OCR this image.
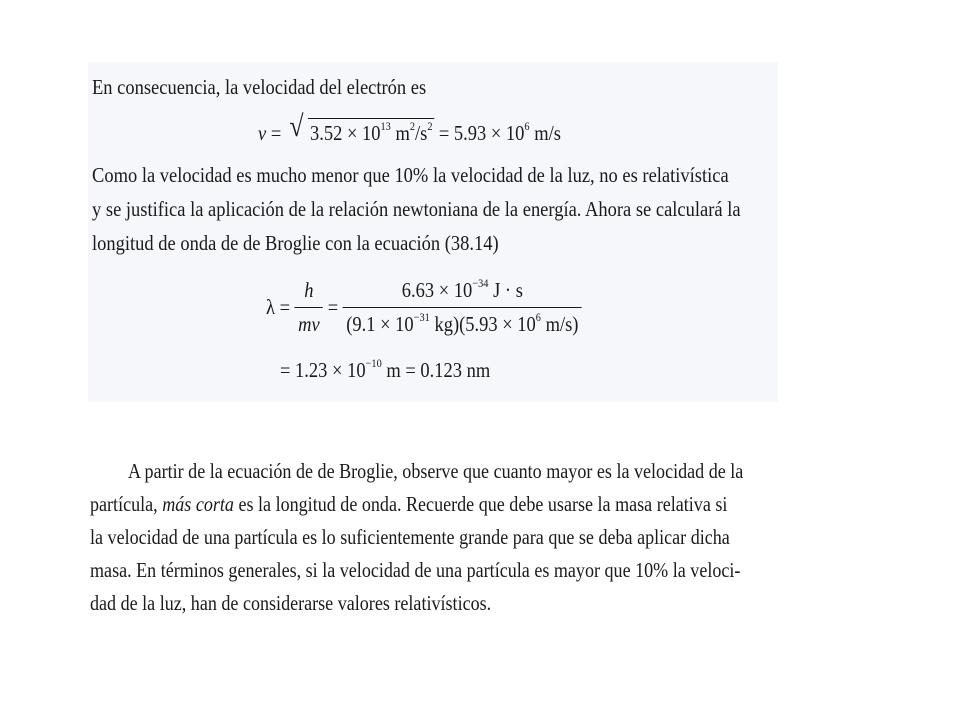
En consecuencia, la velocidad del electrón es
v = √ $3.52 \times 10^{13}$ $m^2/s^2 = 5.93 \times 10^6$ m/s
Como la velocidad es mucho menor que 10% la velocidad de la luz, no es relativística
y se justifica la aplicación de la relación newtoniana de la energía. Ahora se calculará la
longitud de onda de de Broglie con la ecuación (38.14)
$\lambda = \frac{h}{mv} = \frac{6.63 \times 10^{-34} J \cdot s}{(9.1 \times 10^{-31} kg)(5.93 \times 10^6 m/s)}$
= $1.23 \times 10^{-10}$ m = 0.123 nm
A partir de la ecuación de de Broglie, observe que cuanto mayor es la velocidad de la
partícula, más corta es la longitud de onda. Recuerde que debe usarse la masa relativa si
la velocidad de una partícula es lo suficientemente grande para que se deba aplicar dicha
masa. En términos generales, si la velocidad de una partícula es mayor que 10% la veloci-
dad de la luz, han de considerarse valores relativísticos.
